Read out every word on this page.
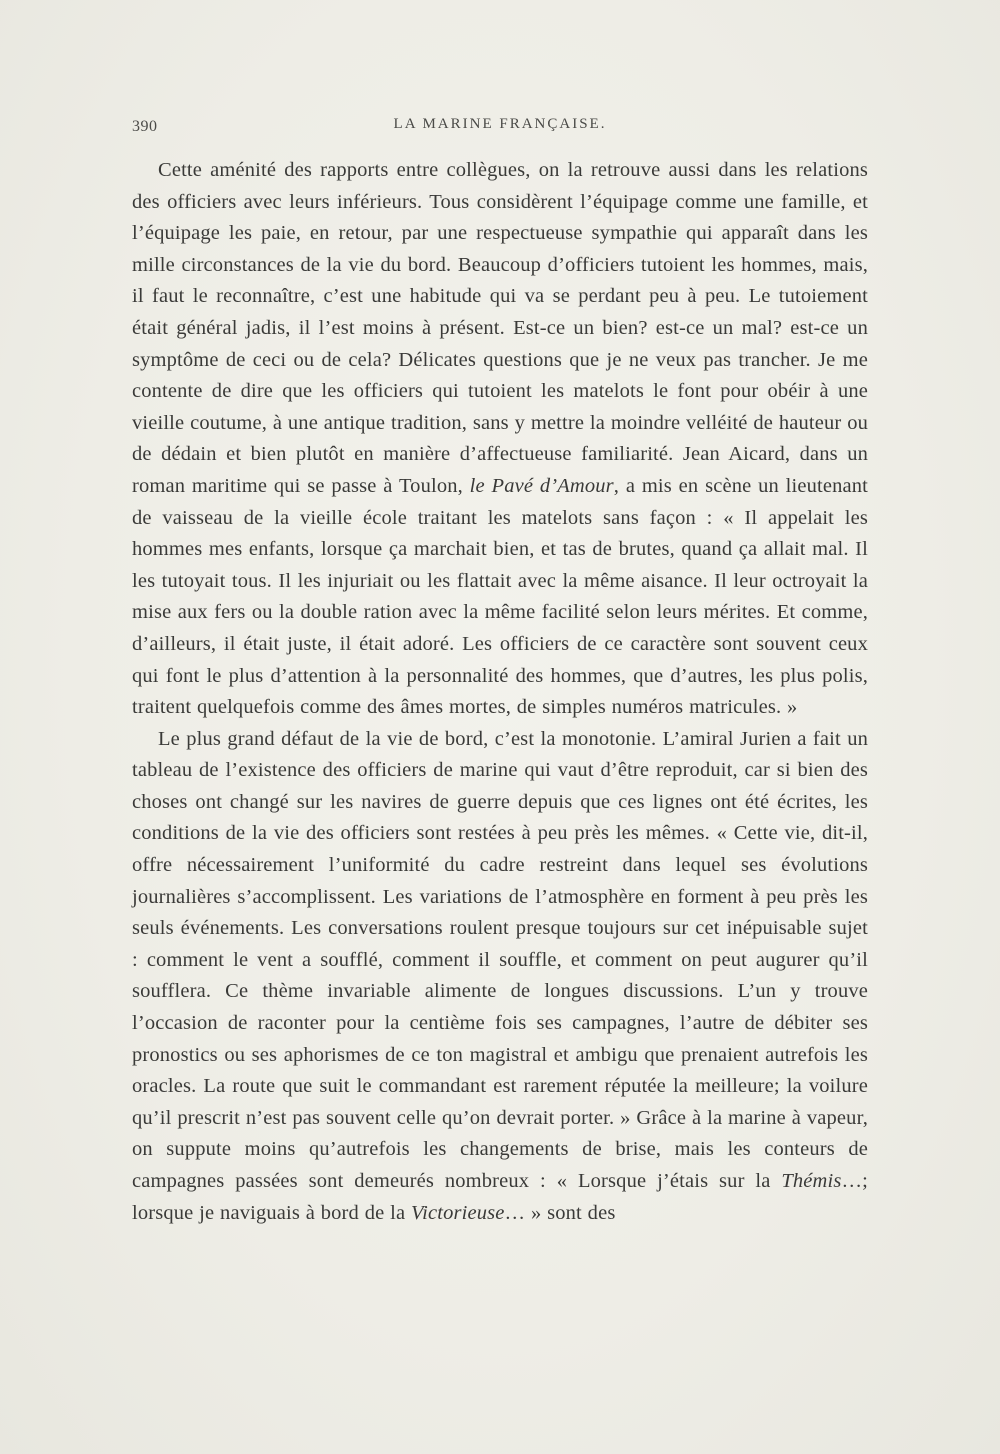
390	LA MARINE FRANÇAISE.

Cette aménité des rapports entre collègues, on la retrouve aussi dans les relations des officiers avec leurs inférieurs. Tous considèrent l’équipage comme une famille, et l’équipage les paie, en retour, par une respectueuse sympathie qui apparaît dans les mille circonstances de la vie du bord. Beaucoup d’officiers tutoient les hommes, mais, il faut le reconnaître, c’est une habitude qui va se perdant peu à peu. Le tutoiement était général jadis, il l’est moins à présent. Est-ce un bien? est-ce un mal? est-ce un symptôme de ceci ou de cela? Délicates questions que je ne veux pas trancher. Je me contente de dire que les officiers qui tutoient les matelots le font pour obéir à une vieille coutume, à une antique tradition, sans y mettre la moindre velléité de hauteur ou de dédain et bien plutôt en manière d’affectueuse familiarité. Jean Aicard, dans un roman maritime qui se passe à Toulon, le Pavé d’Amour, a mis en scène un lieutenant de vaisseau de la vieille école traitant les matelots sans façon : « Il appelait les hommes mes enfants, lorsque ça marchait bien, et tas de brutes, quand ça allait mal. Il les tutoyait tous. Il les injuriait ou les flattait avec la même aisance. Il leur octroyait la mise aux fers ou la double ration avec la même facilité selon leurs mérites. Et comme, d’ailleurs, il était juste, il était adoré. Les officiers de ce caractère sont souvent ceux qui font le plus d’attention à la personnalité des hommes, que d’autres, les plus polis, traitent quelquefois comme des âmes mortes, de simples numéros matricules. »

Le plus grand défaut de la vie de bord, c’est la monotonie. L’amiral Jurien a fait un tableau de l’existence des officiers de marine qui vaut d’être reproduit, car si bien des choses ont changé sur les navires de guerre depuis que ces lignes ont été écrites, les conditions de la vie des officiers sont restées à peu près les mêmes. « Cette vie, dit-il, offre nécessairement l’uniformité du cadre restreint dans lequel ses évolutions journalières s’accomplissent. Les variations de l’atmosphère en forment à peu près les seuls événements. Les conversations roulent presque toujours sur cet inépuisable sujet : comment le vent a soufflé, comment il souffle, et comment on peut augurer qu’il soufflera. Ce thème invariable alimente de longues discussions. L’un y trouve l’occasion de raconter pour la centième fois ses campagnes, l’autre de débiter ses pronostics ou ses aphorismes de ce ton magistral et ambigu que prenaient autrefois les oracles. La route que suit le commandant est rarement réputée la meilleure; la voilure qu’il prescrit n’est pas souvent celle qu’on devrait porter. » Grâce à la marine à vapeur, on suppute moins qu’autrefois les changements de brise, mais les conteurs de campagnes passées sont demeurés nombreux : « Lorsque j’étais sur la Thémis…; lorsque je naviguais à bord de la Victorieuse… » sont des
